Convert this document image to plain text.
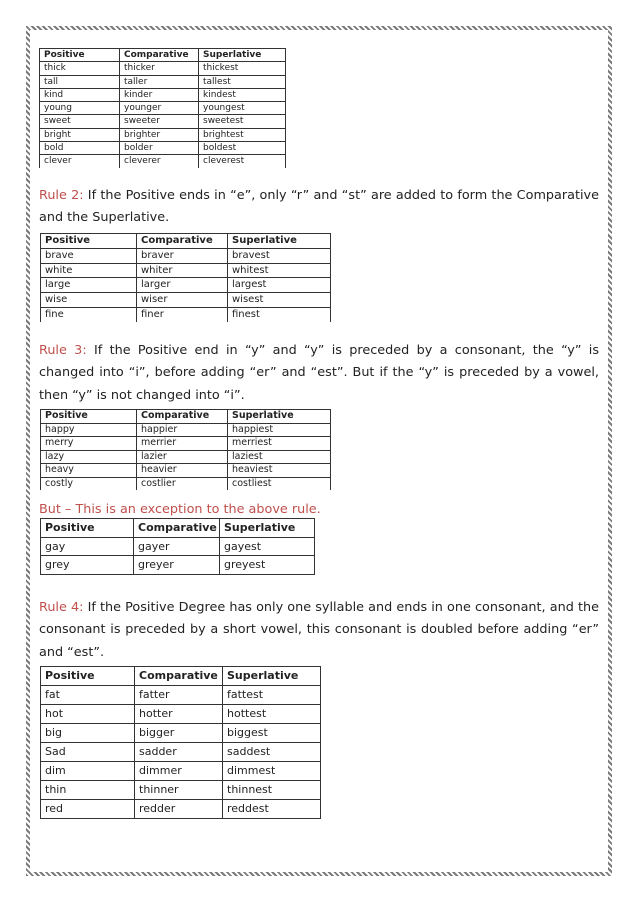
Positive	Comparative	Superlative
thick	thicker	thickest
tall	taller	tallest
kind	kinder	kindest
young	younger	youngest
sweet	sweeter	sweetest
bright	brighter	brightest
bold	bolder	boldest
clever	cleverer	cleverest
Rule 2: If the Positive ends in “e”, only “r” and “st” are added to form the Comparative and the Superlative.
Positive	Comparative	Superlative
brave	braver	bravest
white	whiter	whitest
large	larger	largest
wise	wiser	wisest
fine	finer	finest
Rule 3: If the Positive end in “y” and “y” is preceded by a consonant, the “y” is changed into “i”, before adding “er” and “est”. But if the “y” is preceded by a vowel, then “y” is not changed into “i”.
Positive	Comparative	Superlative
happy	happier	happiest
merry	merrier	merriest
lazy	lazier	laziest
heavy	heavier	heaviest
costly	costlier	costliest
But – This is an exception to the above rule.
Positive	Comparative	Superlative
gay	gayer	gayest
grey	greyer	greyest
Rule 4: If the Positive Degree has only one syllable and ends in one consonant, and the consonant is preceded by a short vowel, this consonant is doubled before adding “er” and “est”.
Positive	Comparative	Superlative
fat	fatter	fattest
hot	hotter	hottest
big	bigger	biggest
Sad	sadder	saddest
dim	dimmer	dimmest
thin	thinner	thinnest
red	redder	reddest
